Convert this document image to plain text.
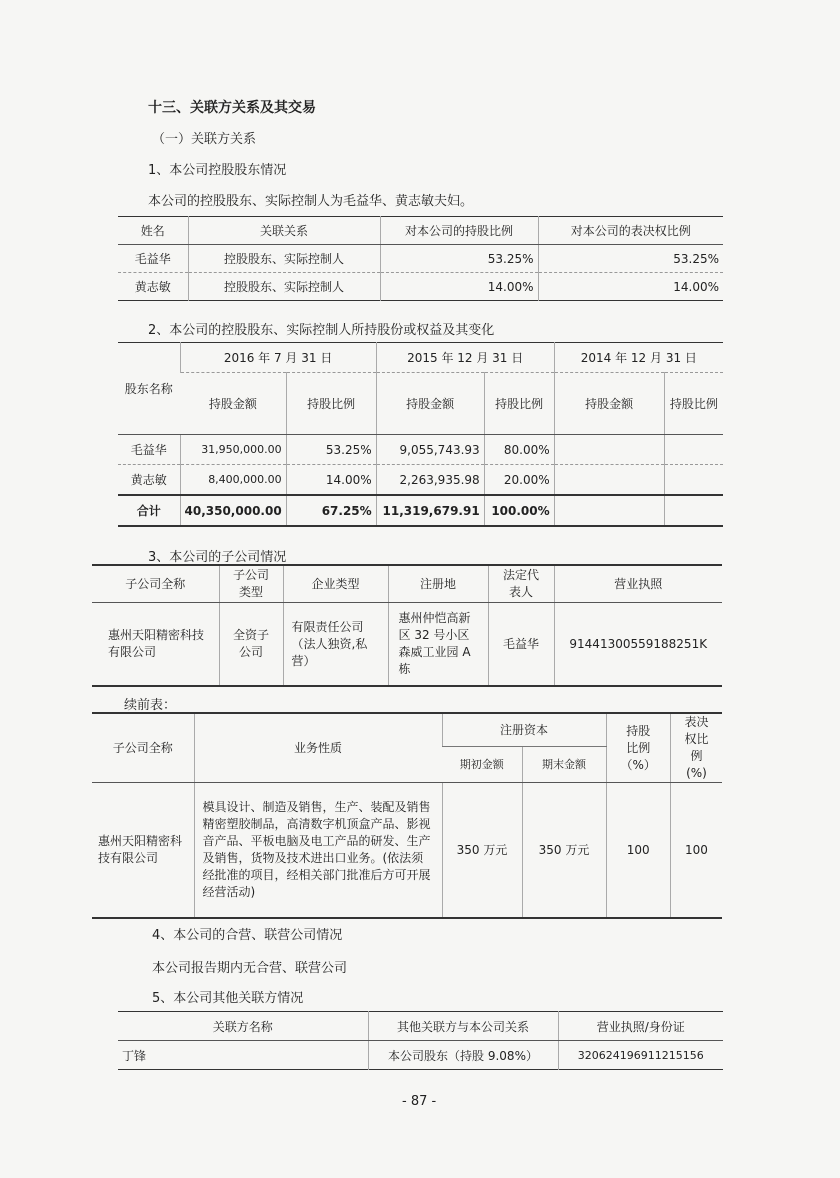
十三、关联方关系及其交易
（一）关联方关系
1、本公司控股股东情况
本公司的控股股东、实际控制人为毛益华、黄志敏夫妇。
姓名	关联关系	对本公司的持股比例	对本公司的表决权比例
毛益华	控股股东、实际控制人	53.25%	53.25%
黄志敏	控股股东、实际控制人	14.00%	14.00%
2、本公司的控股股东、实际控制人所持股份或权益及其变化
股东名称	2016 年 7 月 31 日		2015 年 12 月 31 日		2014 年 12 月 31 日	
	持股金额	持股比例	持股金额	持股比例	持股金额	持股比例
毛益华	31,950,000.00	53.25%	9,055,743.93	80.00%		
黄志敏	8,400,000.00	14.00%	2,263,935.98	20.00%		
合计	40,350,000.00	67.25%	11,319,679.91	100.00%		
3、本公司的子公司情况
子公司全称	子公司类型	企业类型	注册地	法定代表人	营业执照
惠州天阳精密科技有限公司	全资子公司	有限责任公司（法人独资,私营）	惠州仲恺高新区 32 号小区森威工业园 A 栋	毛益华	91441300559188251K
续前表：
子公司全称	业务性质	注册资本		持股比例（%）	表决权比例(%)
		期初金额	期末金额		
惠州天阳精密科技有限公司	模具设计、制造及销售，生产、装配及销售精密塑胶制品，高清数字机顶盒产品、影视音产品、平板电脑及电工产品的研发、生产及销售，货物及技术进出口业务。(依法须经批准的项目，经相关部门批准后方可开展经营活动)	350 万元	350 万元	100	100
4、本公司的合营、联营公司情况
本公司报告期内无合营、联营公司
5、本公司其他关联方情况
关联方名称	其他关联方与本公司关系	营业执照/身份证
丁锋	本公司股东（持股 9.08%）	320624196911215156
- 87 -
